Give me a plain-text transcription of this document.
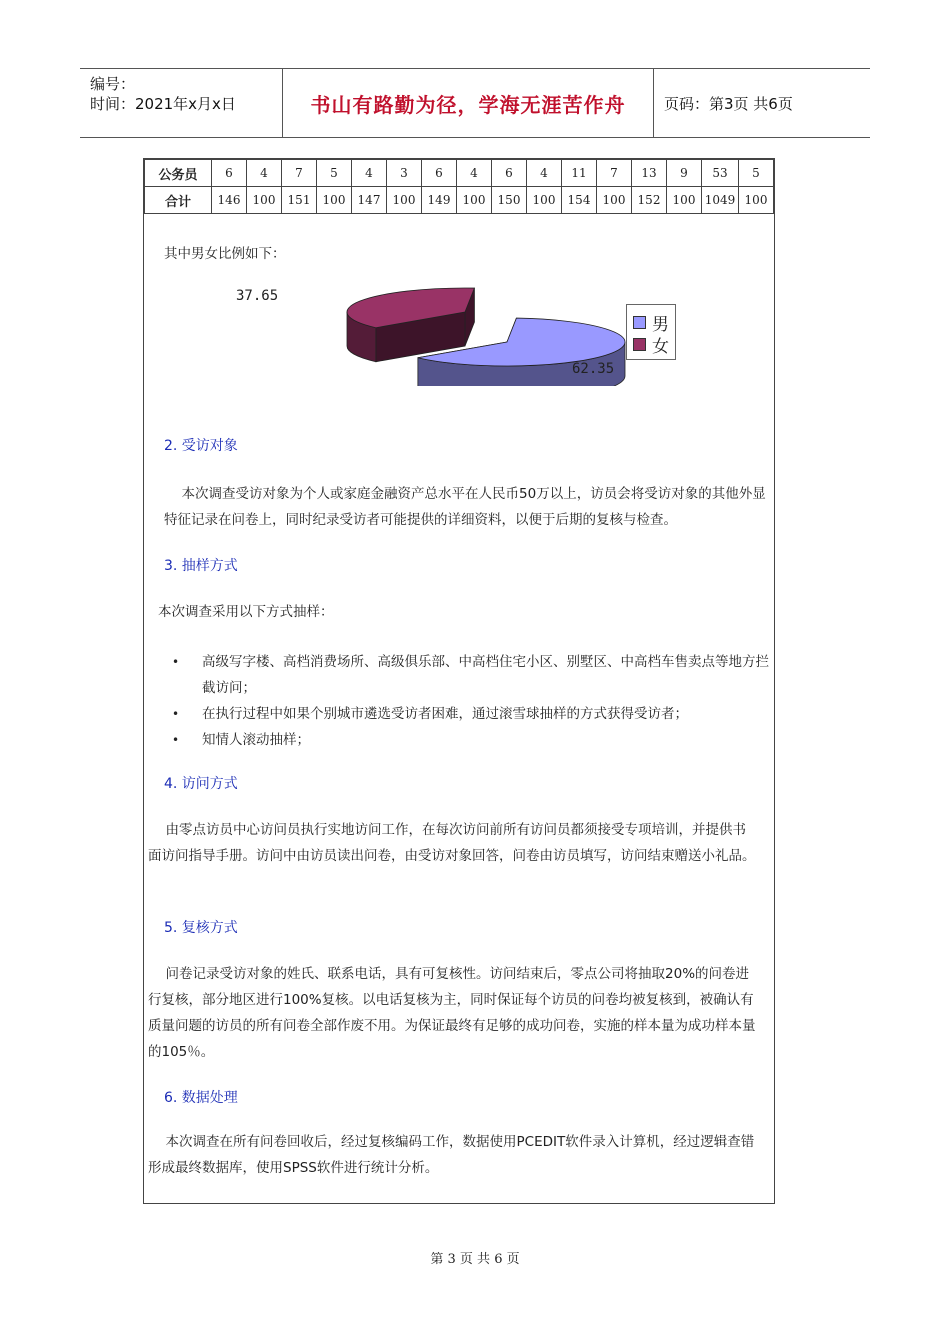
编号：
时间：2021年x月x日	书山有路勤为径，学海无涯苦作舟	页码：第3页 共6页
公务员	6	4	7	5	4	3	6	4	6	4	11	7	13	9	53	5
合计	146	100	151	100	147	100	149	100	150	100	154	100	152	100	1049	100
其中男女比例如下：
2. 受访对象
本次调查受访对象为个人或家庭金融资产总水平在人民币50万以上，访员会将受访对象的其他外显特征记录在问卷上，同时纪录受访者可能提供的详细资料，以便于后期的复核与检查。
3. 抽样方式
本次调查采用以下方式抽样：
• 高级写字楼、高档消费场所、高级俱乐部、中高档住宅小区、别墅区、中高档车售卖点等地方拦截访问；
• 在执行过程中如果个别城市遴选受访者困难，通过滚雪球抽样的方式获得受访者；
• 知情人滚动抽样；
4. 访问方式
由零点访员中心访问员执行实地访问工作，在每次访问前所有访问员都须接受专项培训，并提供书面访问指导手册。访问中由访员读出问卷，由受访对象回答，问卷由访员填写，访问结束赠送小礼品。
5. 复核方式
问卷记录受访对象的姓氏、联系电话，具有可复核性。访问结束后，零点公司将抽取20%的问卷进行复核，部分地区进行100%复核。以电话复核为主，同时保证每个访员的问卷均被复核到，被确认有质量问题的访员的所有问卷全部作废不用。为保证最终有足够的成功问卷，实施的样本量为成功样本量的105％。
6. 数据处理
本次调查在所有问卷回收后，经过复核编码工作，数据使用PCEDIT软件录入计算机，经过逻辑查错形成最终数据库，使用SPSS软件进行统计分析。
62.35
37.65
男
女
第 3 页 共 6 页
